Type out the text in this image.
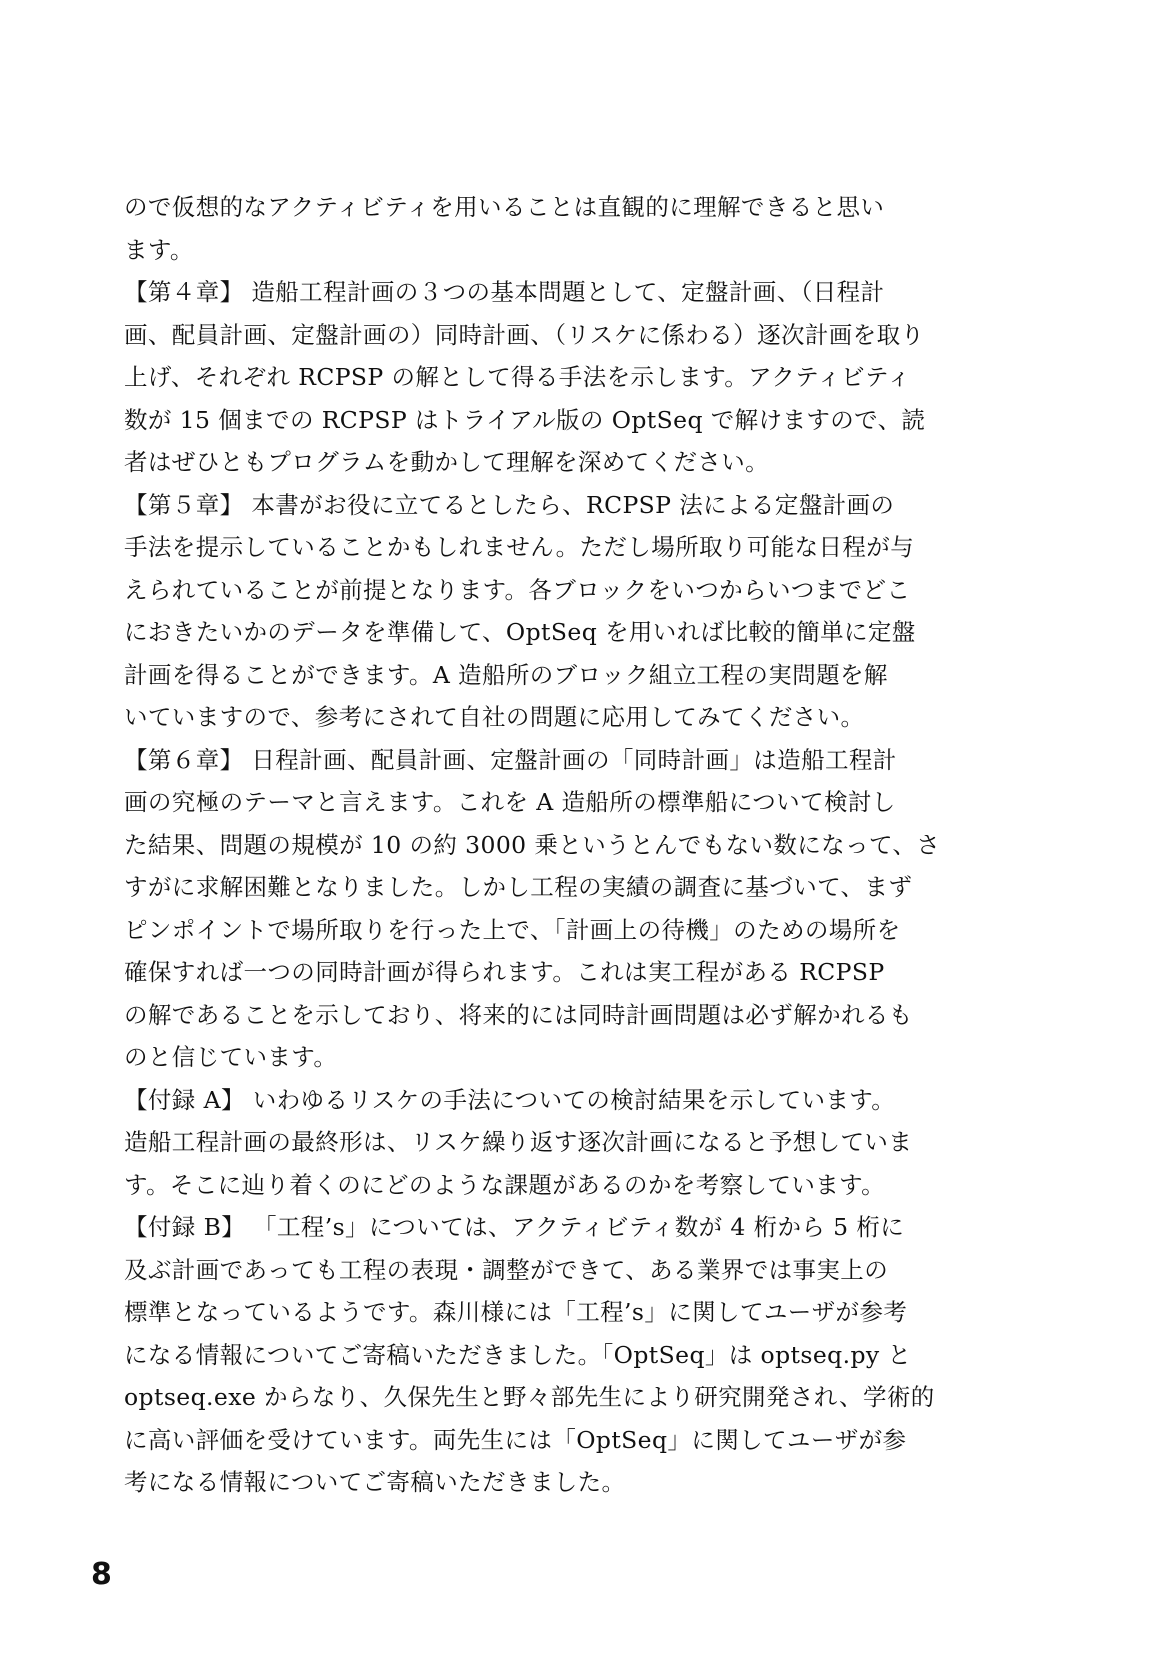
ので仮想的なアクティビティを用いることは直観的に理解できると思い
ます。
【第４章】 造船工程計画の３つの基本問題として、定盤計画、（日程計
画、配員計画、定盤計画の）同時計画、（リスケに係わる）逐次計画を取り
上げ、それぞれ RCPSP の解として得る手法を示します。アクティビティ
数が 15 個までの RCPSP はトライアル版の OptSeq で解けますので、読
者はぜひともプログラムを動かして理解を深めてください。
【第５章】 本書がお役に立てるとしたら、RCPSP 法による定盤計画の
手法を提示していることかもしれません。ただし場所取り可能な日程が与
えられていることが前提となります。各ブロックをいつからいつまでどこ
におきたいかのデータを準備して、OptSeq を用いれば比較的簡単に定盤
計画を得ることができます。A 造船所のブロック組立工程の実問題を解
いていますので、参考にされて自社の問題に応用してみてください。
【第６章】 日程計画、配員計画、定盤計画の「同時計画」は造船工程計
画の究極のテーマと言えます。これを A 造船所の標準船について検討し
た結果、問題の規模が 10 の約 3000 乗というとんでもない数になって、さ
すがに求解困難となりました。しかし工程の実績の調査に基づいて、まず
ピンポイントで場所取りを行った上で、「計画上の待機」のための場所を
確保すれば一つの同時計画が得られます。これは実工程がある RCPSP
の解であることを示しており、将来的には同時計画問題は必ず解かれるも
のと信じています。
【付録 A】 いわゆるリスケの手法についての検討結果を示しています。
造船工程計画の最終形は、リスケ繰り返す逐次計画になると予想していま
す。そこに辿り着くのにどのような課題があるのかを考察しています。
【付録 B】 「工程’s」については、アクティビティ数が 4 桁から 5 桁に
及ぶ計画であっても工程の表現・調整ができて、ある業界では事実上の
標準となっているようです。森川様には「工程’s」に関してユーザが参考
になる情報についてご寄稿いただきました。「OptSeq」は optseq.py と
optseq.exe からなり、久保先生と野々部先生により研究開発され、学術的
に高い評価を受けています。両先生には「OptSeq」に関してユーザが参
考になる情報についてご寄稿いただきました。
8
